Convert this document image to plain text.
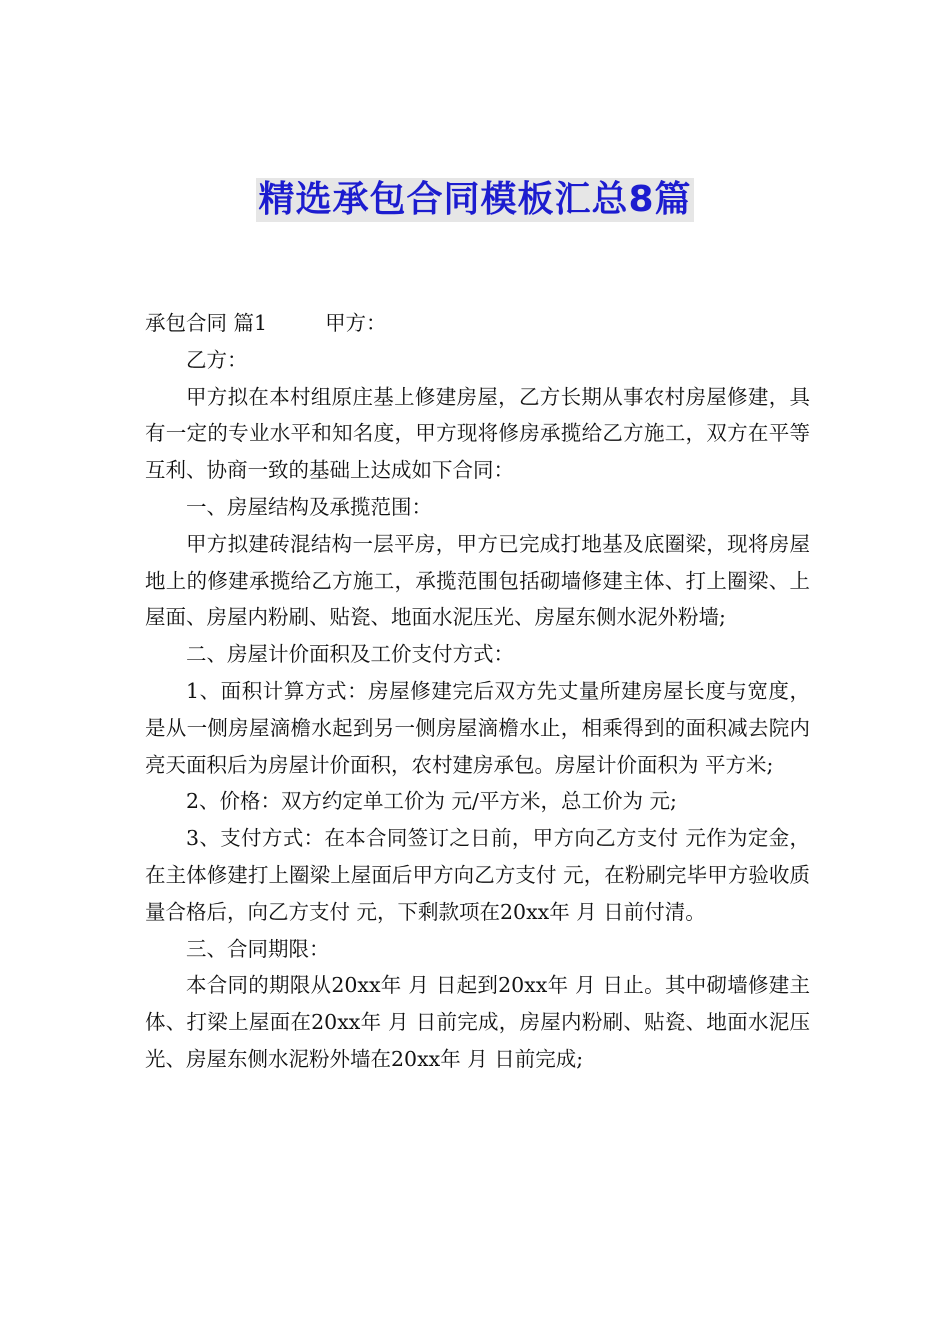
精选承包合同模板汇总8篇

承包合同 篇1	甲方：

乙方：

甲方拟在本村组原庄基上修建房屋，乙方长期从事农村房屋修建，具有一定的专业水平和知名度，甲方现将修房承揽给乙方施工，双方在平等互利、协商一致的基础上达成如下合同：

一、房屋结构及承揽范围：

甲方拟建砖混结构一层平房，甲方已完成打地基及底圈梁，现将房屋地上的修建承揽给乙方施工，承揽范围包括砌墙修建主体、打上圈梁、上屋面、房屋内粉刷、贴瓷、地面水泥压光、房屋东侧水泥外粉墙;

二、房屋计价面积及工价支付方式：

1、面积计算方式：房屋修建完后双方先丈量所建房屋长度与宽度，是从一侧房屋滴檐水起到另一侧房屋滴檐水止，相乘得到的面积减去院内亮天面积后为房屋计价面积，农村建房承包。房屋计价面积为 平方米;

2、价格：双方约定单工价为 元/平方米，总工价为 元;

3、支付方式：在本合同签订之日前，甲方向乙方支付 元作为定金，在主体修建打上圈梁上屋面后甲方向乙方支付 元，在粉刷完毕甲方验收质量合格后，向乙方支付 元，下剩款项在20xx年 月 日前付清。

三、合同期限：

本合同的期限从20xx年 月 日起到20xx年 月 日止。其中砌墙修建主体、打梁上屋面在20xx年 月 日前完成，房屋内粉刷、贴瓷、地面水泥压光、房屋东侧水泥粉外墙在20xx年 月 日前完成;
